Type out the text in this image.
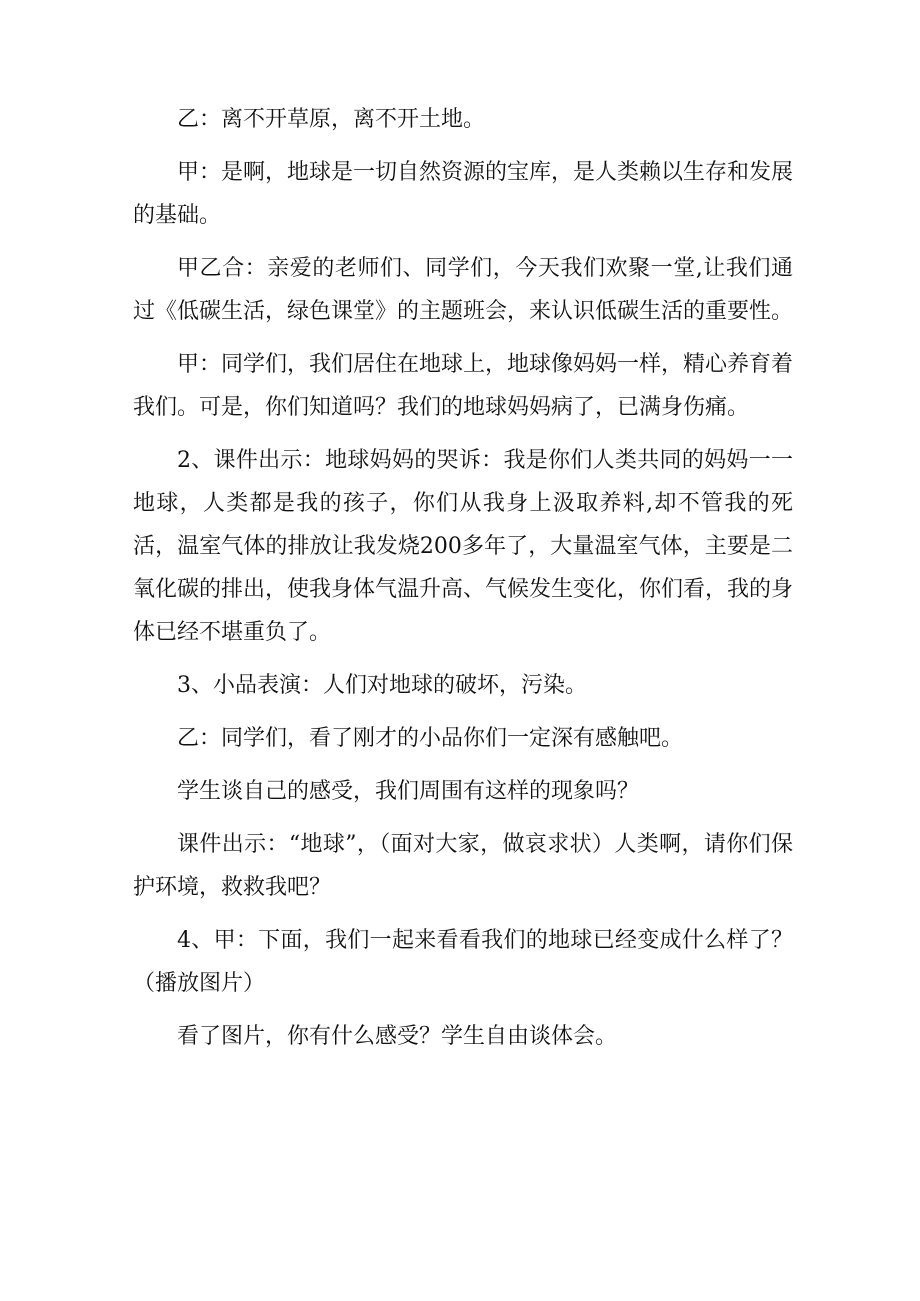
乙：离不开草原，离不开土地。

甲：是啊，地球是一切自然资源的宝库，是人类赖以生存和发展的基础。

甲乙合：亲爱的老师们、同学们，今天我们欢聚一堂,让我们通过《低碳生活，绿色课堂》的主题班会，来认识低碳生活的重要性。

甲：同学们，我们居住在地球上，地球像妈妈一样，精心养育着我们。可是，你们知道吗？我们的地球妈妈病了，已满身伤痛。

2、课件出示：地球妈妈的哭诉：我是你们人类共同的妈妈一一地球，人类都是我的孩子，你们从我身上汲取养料,却不管我的死活，温室气体的排放让我发烧200多年了，大量温室气体，主要是二氧化碳的排出，使我身体气温升高、气候发生变化，你们看，我的身体已经不堪重负了。

3、小品表演：人们对地球的破坏，污染。

乙：同学们，看了刚才的小品你们一定深有感触吧。

学生谈自己的感受，我们周围有这样的现象吗？

课件出示：“地球”，（面对大家，做哀求状）人类啊，请你们保护环境，救救我吧？

4、甲：下面，我们一起来看看我们的地球已经变成什么样了？（播放图片）

看了图片，你有什么感受？学生自由谈体会。
